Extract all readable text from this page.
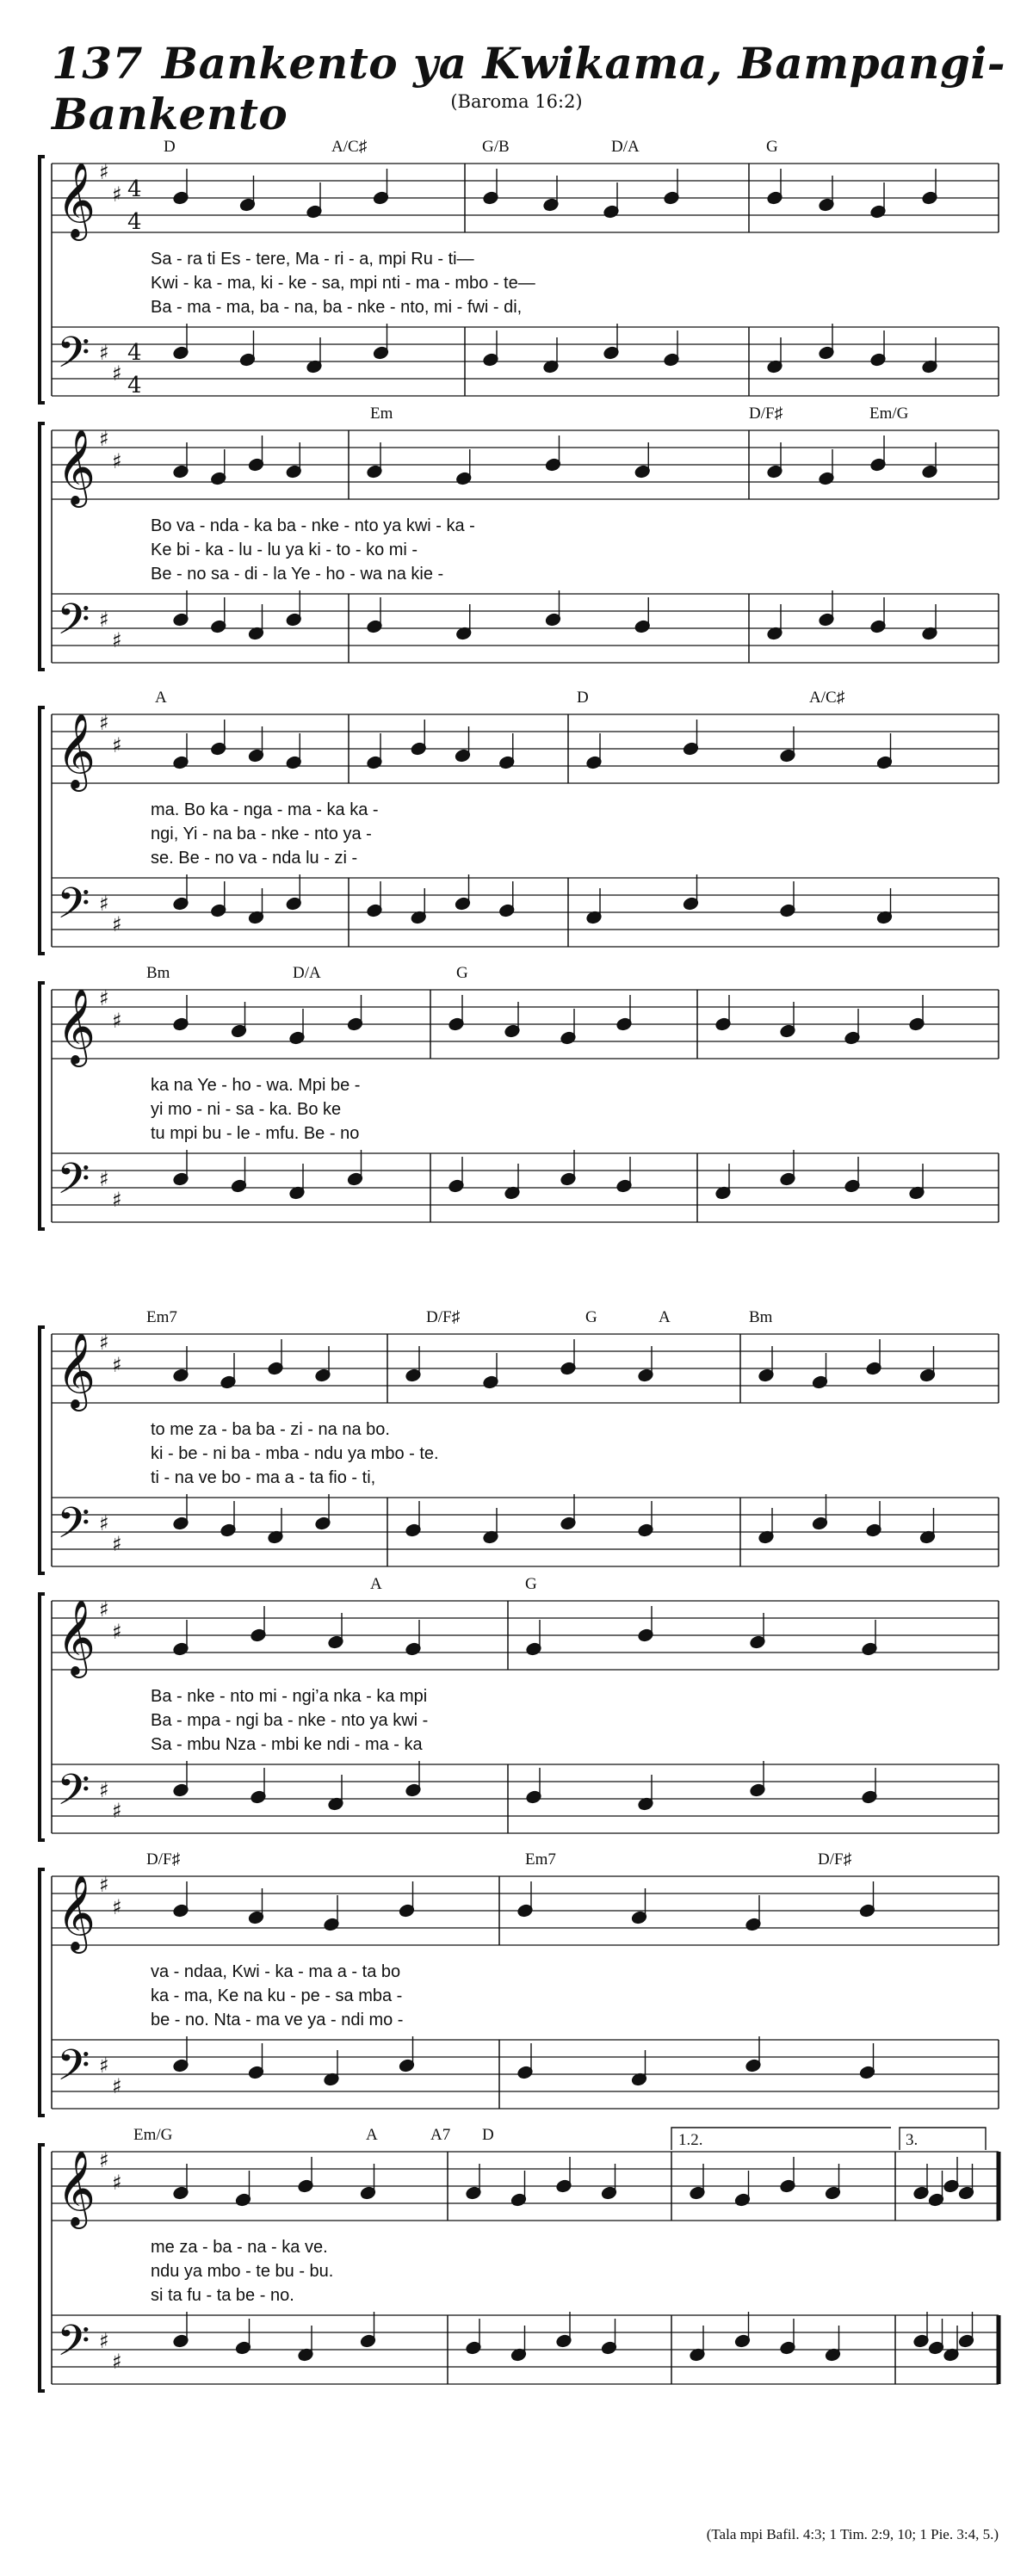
137 Bankento ya Kwikama, Bampangi-Bankento	(Baroma 16:2)
D	A/C♯	G/B	D/A	G
𝄞
𝄢
♯
♯
♯
♯
4
4
4
4
Sa - ra ti Es - tere, Ma - ri - a, mpi Ru - ti—
Kwi - ka - ma, ki - ke - sa, mpi nti - ma - mbo - te—
Ba - ma - ma, ba - na, ba - nke - nto, mi - fwi - di,
Em	D/F♯	Em/G
𝄞
𝄢
♯
♯
♯
♯
Bo va - nda - ka ba - nke - nto ya kwi - ka -
Ke bi - ka - lu - lu ya ki - to - ko mi -
Be - no sa - di - la Ye - ho - wa na kie -
A	D	A/C♯
𝄞
𝄢
♯
♯
♯
♯
ma. Bo ka - nga - ma - ka ka -
ngi, Yi - na ba - nke - nto ya -
se. Be - no va - nda lu - zi -
Bm	D/A	G
𝄞
𝄢
♯
♯
♯
♯
ka na Ye - ho - wa. Mpi be -
yi mo - ni - sa - ka. Bo ke
tu mpi bu - le - mfu. Be - no
Em7	D/F♯	G	A	Bm
𝄞
𝄢
♯
♯
♯
♯
to me za - ba ba - zi - na na bo.
ki - be - ni ba - mba - ndu ya mbo - te.
ti - na ve bo - ma a - ta fio - ti,
A	G
𝄞
𝄢
♯
♯
♯
♯
Ba - nke - nto mi - ngi’a nka - ka mpi
Ba - mpa - ngi ba - nke - nto ya kwi -
Sa - mbu Nza - mbi ke ndi - ma - ka
D/F♯	Em7	D/F♯
𝄞
𝄢
♯
♯
♯
♯
va - ndaa, Kwi - ka - ma a - ta bo
ka - ma, Ke na ku - pe - sa mba -
be - no. Nta - ma ve ya - ndi mo -
Em/G	A	A7 D	1.2.	3.
𝄞
𝄢
♯
♯
♯
♯
me za - ba - na - ka ve.
ndu ya mbo - te bu - bu.
si ta fu - ta be - no.
(Tala mpi Bafil. 4:3; 1 Tim. 2:9, 10; 1 Pie. 3:4, 5.)
